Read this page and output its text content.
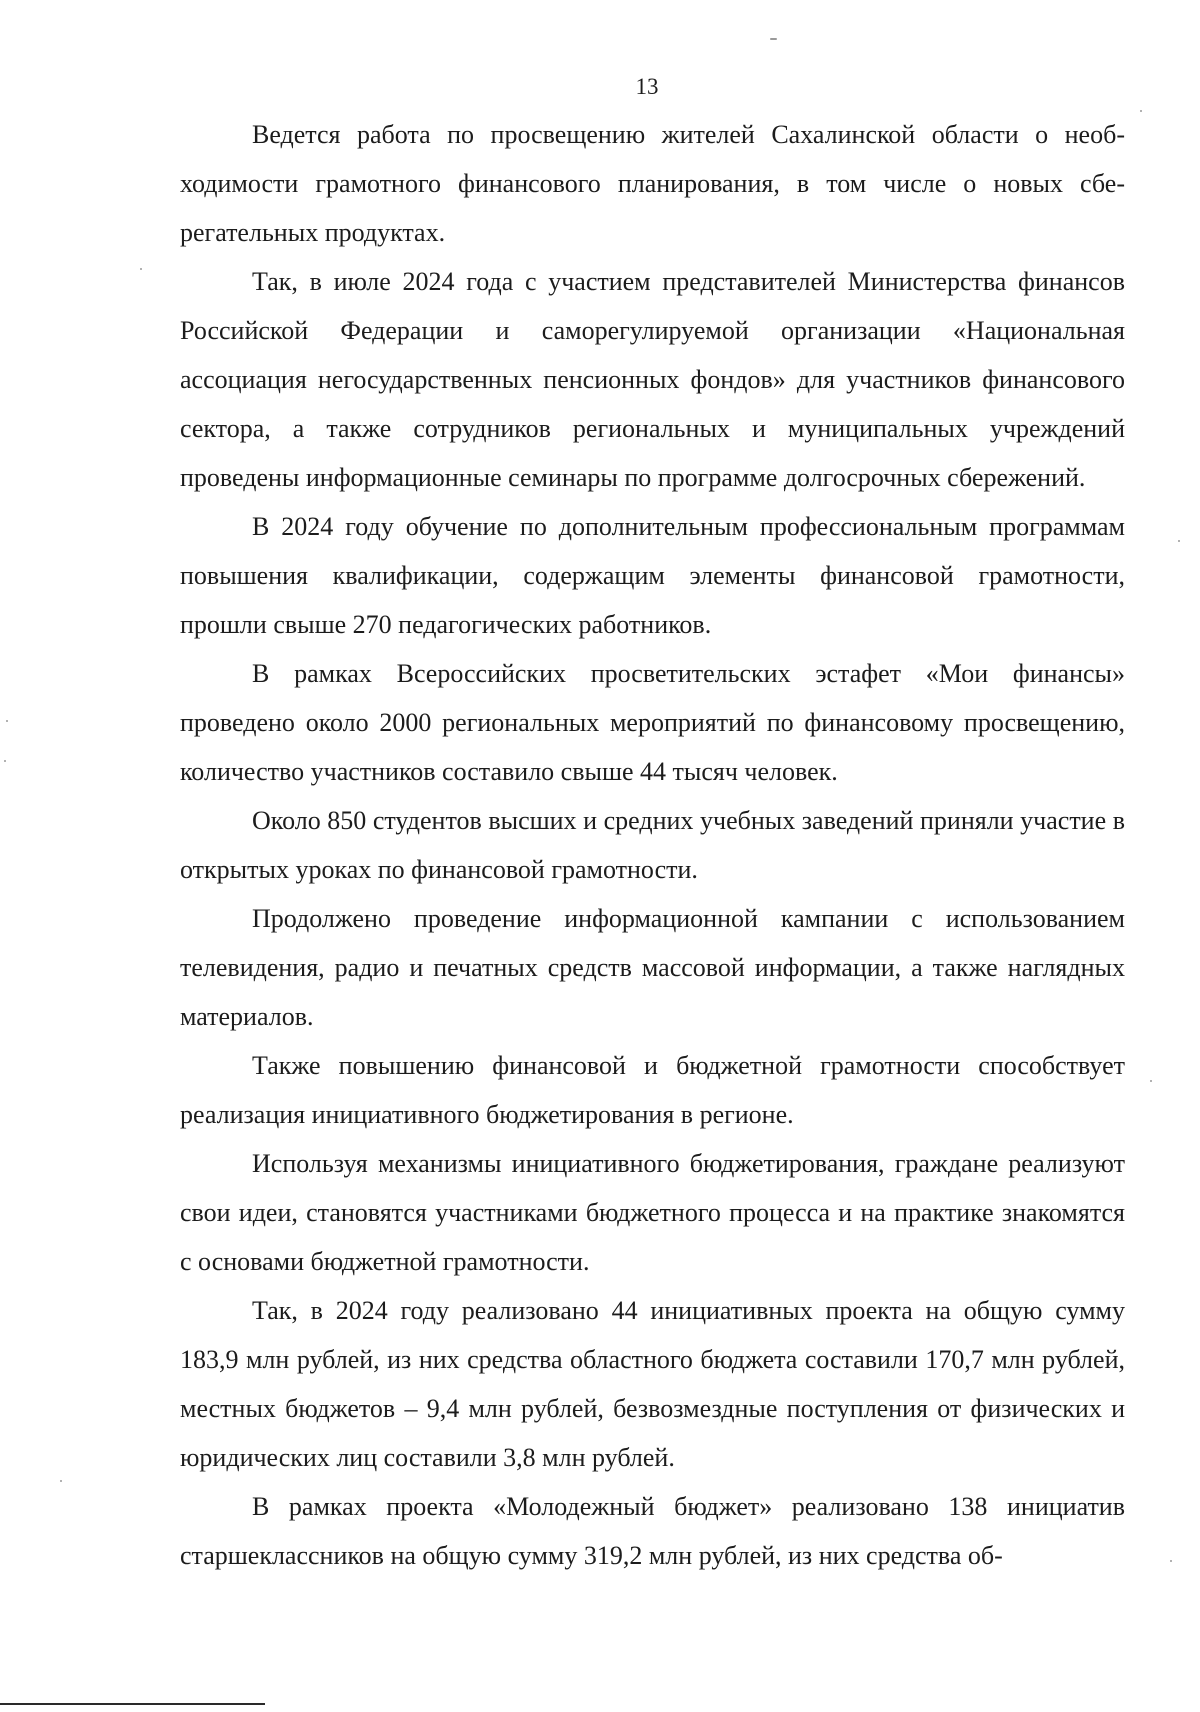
13

Ведется работа по просвещению жителей Сахалинской области о необходимости грамотного финансового планирования, в том числе о новых сберегательных продуктах.

Так, в июле 2024 года с участием представителей Министерства финансов Российской Федерации и саморегулируемой организации «Национальная ассоциация негосударственных пенсионных фондов» для участников финансового сектора, а также сотрудников региональных и муниципальных учреждений проведены информационные семинары по программе долгосрочных сбережений.

В 2024 году обучение по дополнительным профессиональным программам повышения квалификации, содержащим элементы финансовой грамотности, прошли свыше 270 педагогических работников.

В рамках Всероссийских просветительских эстафет «Мои финансы» проведено около 2000 региональных мероприятий по финансовому просвещению, количество участников составило свыше 44 тысяч человек.

Около 850 студентов высших и средних учебных заведений приняли участие в открытых уроках по финансовой грамотности.

Продолжено проведение информационной кампании с использованием телевидения, радио и печатных средств массовой информации, а также наглядных материалов.

Также повышению финансовой и бюджетной грамотности способствует реализация инициативного бюджетирования в регионе.

Используя механизмы инициативного бюджетирования, граждане реализуют свои идеи, становятся участниками бюджетного процесса и на практике знакомятся с основами бюджетной грамотности.

Так, в 2024 году реализовано 44 инициативных проекта на общую сумму 183,9 млн рублей, из них средства областного бюджета составили 170,7 млн рублей, местных бюджетов – 9,4 млн рублей, безвозмездные поступления от физических и юридических лиц составили 3,8 млн рублей.

В рамках проекта «Молодежный бюджет» реализовано 138 инициатив старшеклассников на общую сумму 319,2 млн рублей, из них средства об-
